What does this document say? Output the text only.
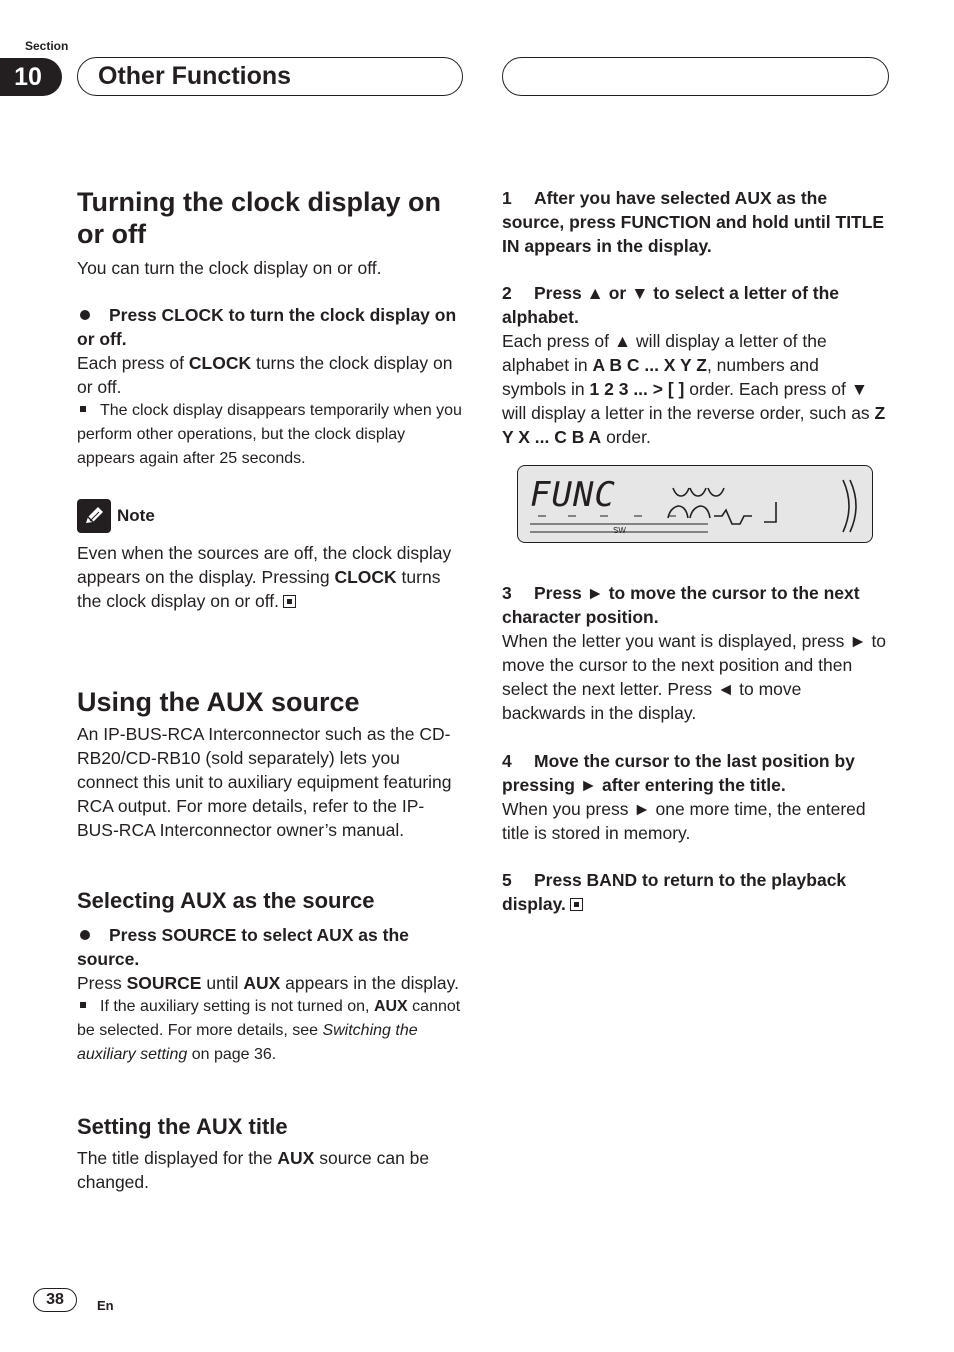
Section
10	Other Functions
Turning the clock display on or off

You can turn the clock display on or off.

Press CLOCK to turn the clock display on or off.

Each press of CLOCK turns the clock display on or off.

The clock display disappears temporarily when you perform other operations, but the clock display appears again after 25 seconds.

Note

Even when the sources are off, the clock display appears on the display. Pressing CLOCK turns the clock display on or off.

Using the AUX source

An IP-BUS-RCA Interconnector such as the CD-RB20/CD-RB10 (sold separately) lets you connect this unit to auxiliary equipment featuring RCA output. For more details, refer to the IP-BUS-RCA Interconnector owner’s manual.

Selecting AUX as the source

Press SOURCE to select AUX as the source.

Press SOURCE until AUX appears in the display.

If the auxiliary setting is not turned on, AUX cannot be selected. For more details, see Switching the auxiliary setting on page 36.

Setting the AUX title

The title displayed for the AUX source can be changed.

1 After you have selected AUX as the source, press FUNCTION and hold until TITLE IN appears in the display.

2 Press ▲ or ▼ to select a letter of the alphabet.

Each press of ▲ will display a letter of the alphabet in A B C ... X Y Z, numbers and symbols in 1 2 3 ... > [ ] order. Each press of ▼ will display a letter in the reverse order, such as Z Y X ... C B A order.

FUNC
SW

3 Press ► to move the cursor to the next character position.

When the letter you want is displayed, press ► to move the cursor to the next position and then select the next letter. Press ◄ to move backwards in the display.

4 Move the cursor to the last position by pressing ► after entering the title.

When you press ► one more time, the entered title is stored in memory.

5 Press BAND to return to the playback display.

38	En
